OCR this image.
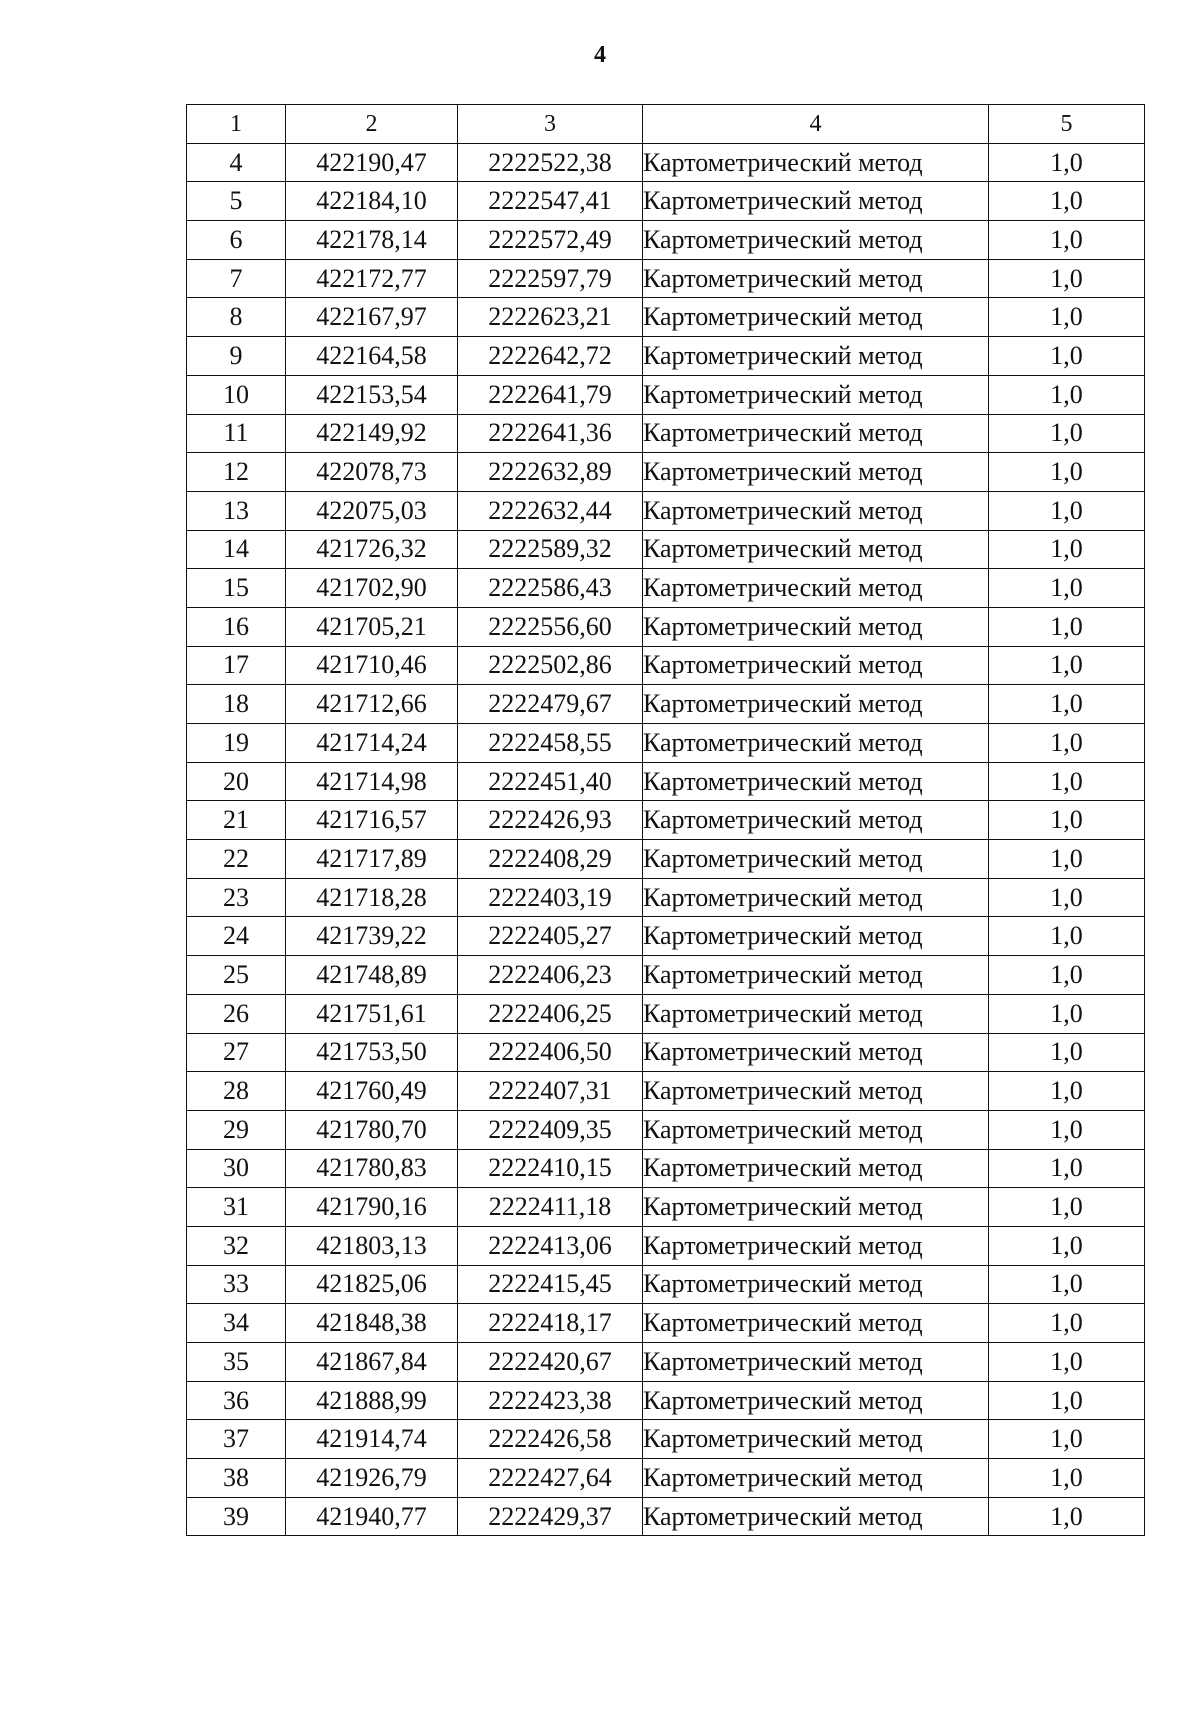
4
1	2	3	4	5
4	422190,47	2222522,38	Картометрический метод	1,0
5	422184,10	2222547,41	Картометрический метод	1,0
6	422178,14	2222572,49	Картометрический метод	1,0
7	422172,77	2222597,79	Картометрический метод	1,0
8	422167,97	2222623,21	Картометрический метод	1,0
9	422164,58	2222642,72	Картометрический метод	1,0
10	422153,54	2222641,79	Картометрический метод	1,0
11	422149,92	2222641,36	Картометрический метод	1,0
12	422078,73	2222632,89	Картометрический метод	1,0
13	422075,03	2222632,44	Картометрический метод	1,0
14	421726,32	2222589,32	Картометрический метод	1,0
15	421702,90	2222586,43	Картометрический метод	1,0
16	421705,21	2222556,60	Картометрический метод	1,0
17	421710,46	2222502,86	Картометрический метод	1,0
18	421712,66	2222479,67	Картометрический метод	1,0
19	421714,24	2222458,55	Картометрический метод	1,0
20	421714,98	2222451,40	Картометрический метод	1,0
21	421716,57	2222426,93	Картометрический метод	1,0
22	421717,89	2222408,29	Картометрический метод	1,0
23	421718,28	2222403,19	Картометрический метод	1,0
24	421739,22	2222405,27	Картометрический метод	1,0
25	421748,89	2222406,23	Картометрический метод	1,0
26	421751,61	2222406,25	Картометрический метод	1,0
27	421753,50	2222406,50	Картометрический метод	1,0
28	421760,49	2222407,31	Картометрический метод	1,0
29	421780,70	2222409,35	Картометрический метод	1,0
30	421780,83	2222410,15	Картометрический метод	1,0
31	421790,16	2222411,18	Картометрический метод	1,0
32	421803,13	2222413,06	Картометрический метод	1,0
33	421825,06	2222415,45	Картометрический метод	1,0
34	421848,38	2222418,17	Картометрический метод	1,0
35	421867,84	2222420,67	Картометрический метод	1,0
36	421888,99	2222423,38	Картометрический метод	1,0
37	421914,74	2222426,58	Картометрический метод	1,0
38	421926,79	2222427,64	Картометрический метод	1,0
39	421940,77	2222429,37	Картометрический метод	1,0
